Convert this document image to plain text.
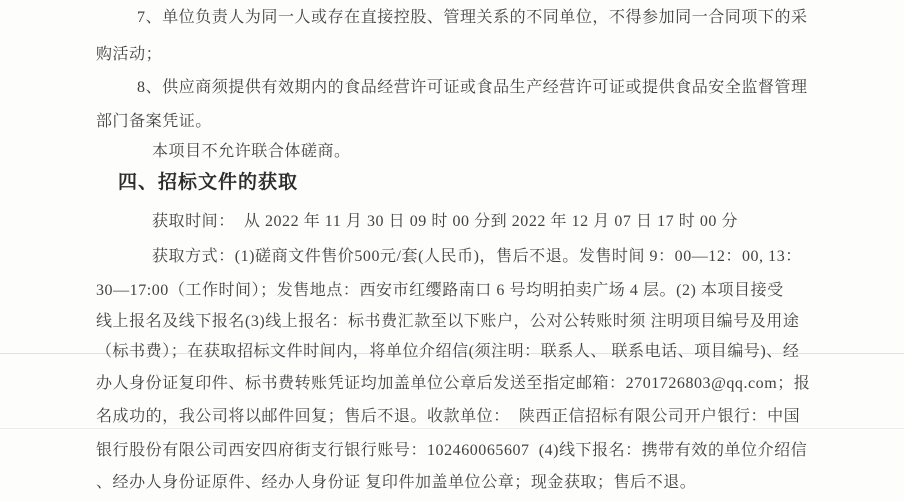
7、单位负责人为同一人或存在直接控股、管理关系的不同单位，不得参加同一合同项下的采
购活动；
8、供应商须提供有效期内的食品经营许可证或食品生产经营许可证或提供食品安全监督管理
部门备案凭证。
本项目不允许联合体磋商。
四、招标文件的获取
获取时间：  从 2022 年 11 月 30 日 09 时 00 分到 2022 年 12 月 07 日 17 时 00 分
获取方式：(1)磋商文件售价500元/套(人民币)，售后不退。发售时间 9：00—12：00, 13：
30—17:00（工作时间）；发售地点：西安市红缨路南口 6 号均明拍卖广场 4 层。(2) 本项目接受
线上报名及线下报名(3)线上报名：标书费汇款至以下账户，公对公转账时须 注明项目编号及用途
（标书费）；在获取招标文件时间内，将单位介绍信(须注明：联系人、 联系电话、项目编号)、经
办人身份证复印件、标书费转账凭证均加盖单位公章后发送至指定邮箱：2701726803@qq.com；报
名成功的，我公司将以邮件回复；售后不退。收款单位：  陕西正信招标有限公司开户银行：中国
银行股份有限公司西安四府街支行银行账号：102460065607  (4)线下报名：携带有效的单位介绍信
、经办人身份证原件、经办人身份证 复印件加盖单位公章；现金获取；售后不退。
